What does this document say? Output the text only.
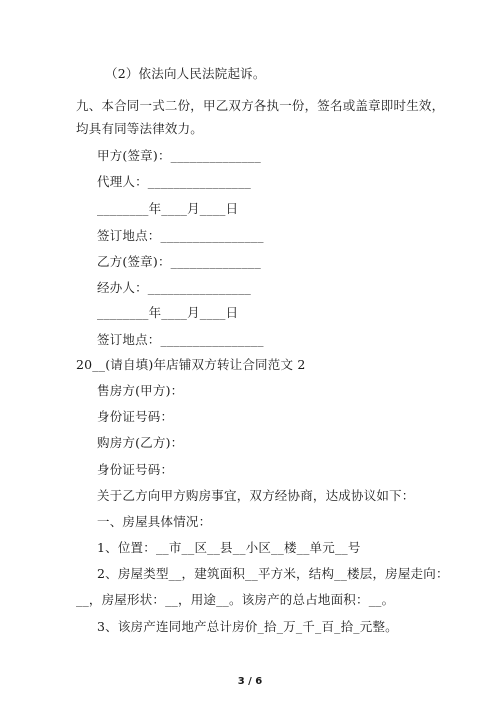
（2）依法向人民法院起诉。
九、本合同一式二份，甲乙双方各执一份，签名或盖章即时生效，
均具有同等法律效力。
甲方(签章)：______________
代理人：________________
________年____月____日
签订地点：________________
乙方(签章)：______________
经办人：________________
________年____月____日
签订地点：________________
20__(请自填)年店铺双方转让合同范文 2
售房方(甲方)：
身份证号码：
购房方(乙方)：
身份证号码：
关于乙方向甲方购房事宜，双方经协商，达成协议如下：
一、房屋具体情况：
1、位置：__市__区__县__小区__楼__单元__号
2、房屋类型__，建筑面积__平方米，结构__楼层，房屋走向：
__，房屋形状：__，用途__。该房产的总占地面积：__。
3、该房产连同地产总计房价_拾_万_千_百_拾_元整。
3 / 6
